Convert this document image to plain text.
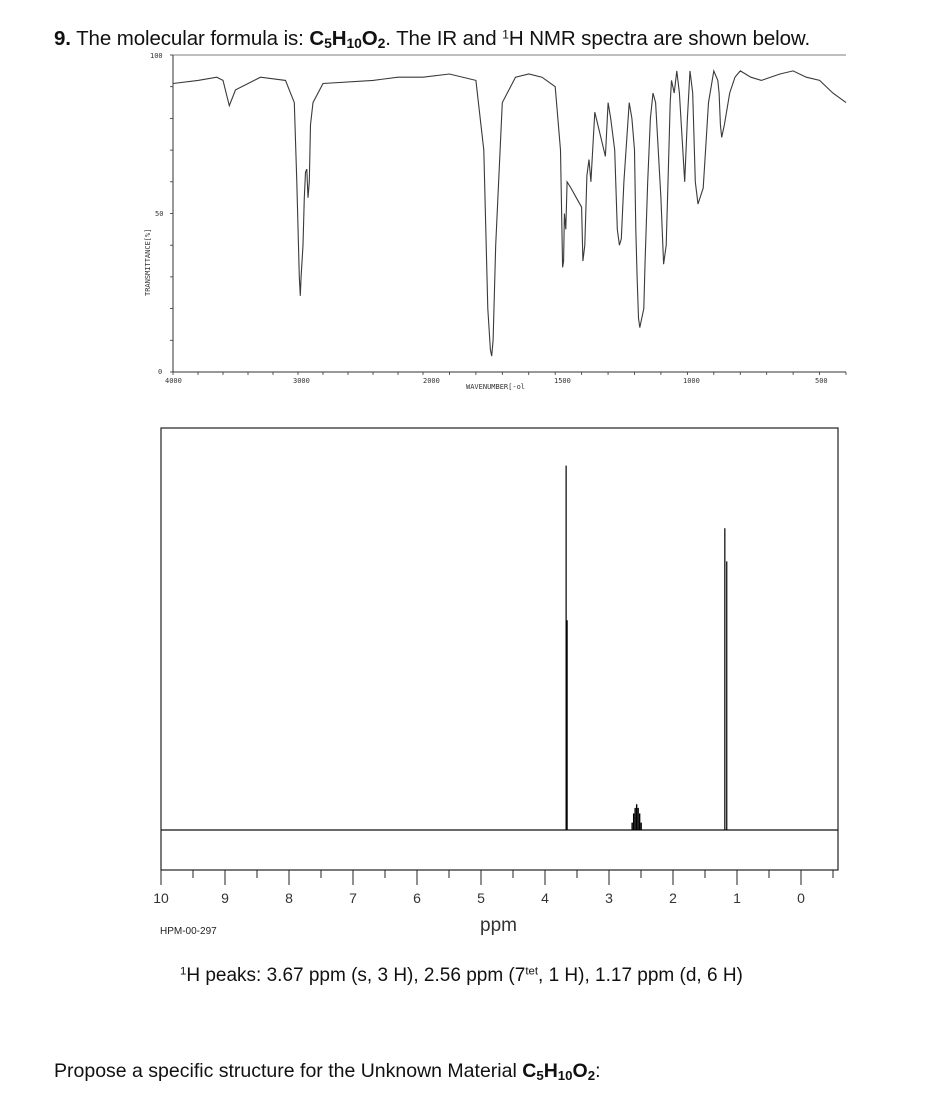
9. The molecular formula is: $C_5H_{10}O_2$. The IR and $^1$H NMR spectra are shown below.
TRANSMITTANCE[%]
100
50
0
4000	3000	2000	1500	1000	500
WAVENUMBER[-ol
10	9	8	7	6	5	4	3	2	1	0
HPM-00-297	ppm
$^1$H peaks: 3.67 ppm (s, 3 H), 2.56 ppm ($7^{tet}$, 1 H), 1.17 ppm (d, 6 H)
Propose a specific structure for the Unknown Material $C_5H_{10}O_2$:
